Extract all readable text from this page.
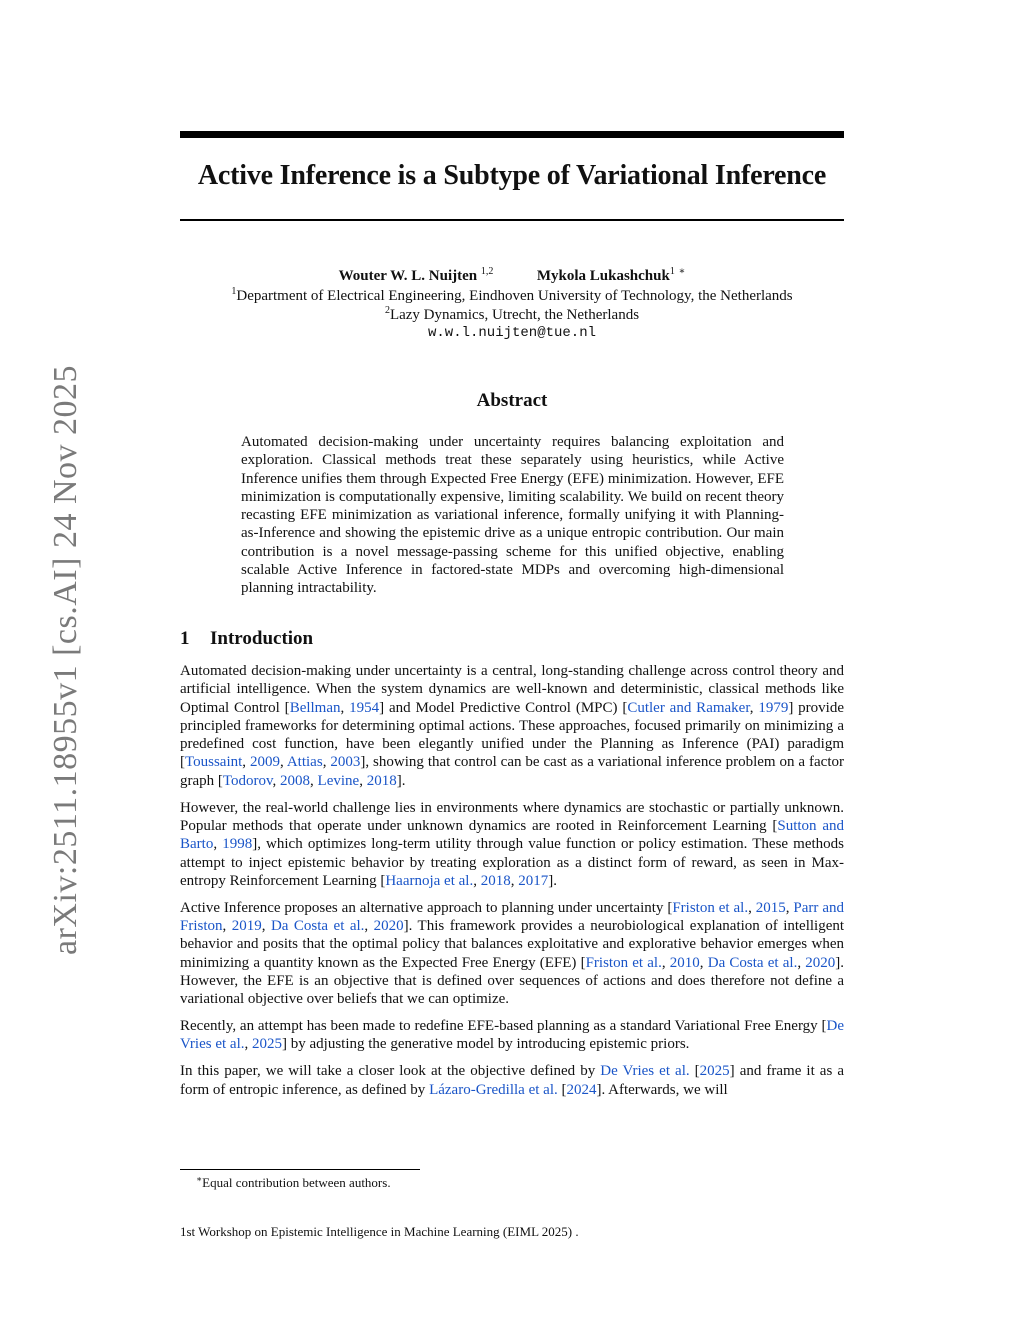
arXiv:2511.18955v1 [cs.AI] 24 Nov 2025
Active Inference is a Subtype of Variational Inference
Wouter W. L. Nuijten $^{1,2}$	Mykola Lukashchuk$^1$ ∗
$^1$Department of Electrical Engineering, Eindhoven University of Technology, the Netherlands
$^2$Lazy Dynamics, Utrecht, the Netherlands
w.w.l.nuijten@tue.nl
Abstract
Automated decision-making under uncertainty requires balancing exploitation and exploration. Classical methods treat these separately using heuristics, while Active Inference unifies them through Expected Free Energy (EFE) minimization. However, EFE minimization is computationally expensive, limiting scalability. We build on recent theory recasting EFE minimization as variational inference, formally unifying it with Planning-as-Inference and showing the epistemic drive as a unique entropic contribution. Our main contribution is a novel message-passing scheme for this unified objective, enabling scalable Active Inference in factored-state MDPs and overcoming high-dimensional planning intractability.
1 Introduction

Automated decision-making under uncertainty is a central, long-standing challenge across control theory and artificial intelligence. When the system dynamics are well-known and deterministic, classical methods like Optimal Control [Bellman, 1954] and Model Predictive Control (MPC) [Cutler and Ramaker, 1979] provide principled frameworks for determining optimal actions. These approaches, focused primarily on minimizing a predefined cost function, have been elegantly unified under the Planning as Inference (PAI) paradigm [Toussaint, 2009, Attias, 2003], showing that control can be cast as a variational inference problem on a factor graph [Todorov, 2008, Levine, 2018].

However, the real-world challenge lies in environments where dynamics are stochastic or partially unknown. Popular methods that operate under unknown dynamics are rooted in Reinforcement Learning [Sutton and Barto, 1998], which optimizes long-term utility through value function or policy estimation. These methods attempt to inject epistemic behavior by treating exploration as a distinct form of reward, as seen in Max-entropy Reinforcement Learning [Haarnoja et al., 2018, 2017].

Active Inference proposes an alternative approach to planning under uncertainty [Friston et al., 2015, Parr and Friston, 2019, Da Costa et al., 2020]. This framework provides a neurobiological explanation of intelligent behavior and posits that the optimal policy that balances exploitative and explorative behavior emerges when minimizing a quantity known as the Expected Free Energy (EFE) [Friston et al., 2010, Da Costa et al., 2020]. However, the EFE is an objective that is defined over sequences of actions and does therefore not define a variational objective over beliefs that we can optimize.

Recently, an attempt has been made to redefine EFE-based planning as a standard Variational Free Energy [De Vries et al., 2025] by adjusting the generative model by introducing epistemic priors.

In this paper, we will take a closer look at the objective defined by De Vries et al. [2025] and frame it as a form of entropic inference, as defined by Lázaro-Gredilla et al. [2024]. Afterwards, we will

∗Equal contribution between authors.
1st Workshop on Epistemic Intelligence in Machine Learning (EIML 2025) .
